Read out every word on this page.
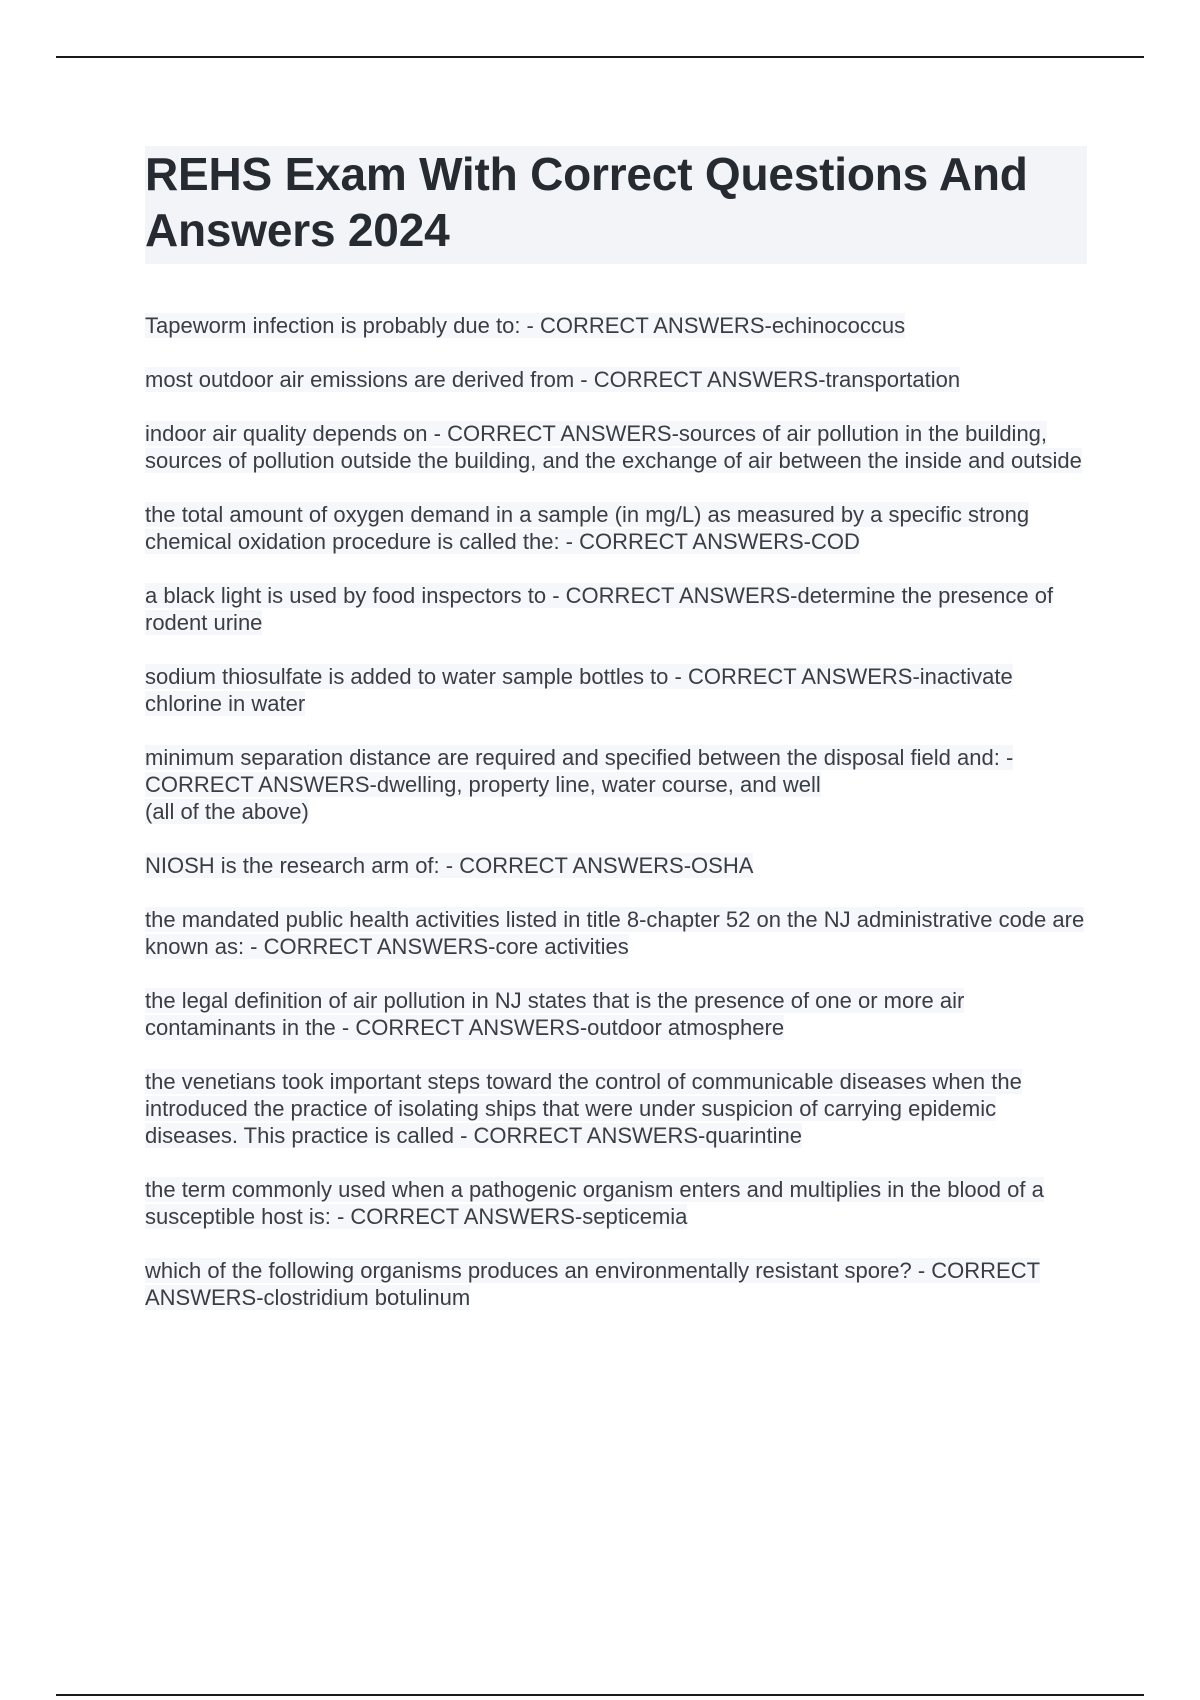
REHS Exam With Correct Questions And Answers 2024

Tapeworm infection is probably due to: - CORRECT ANSWERS-echinococcus

most outdoor air emissions are derived from - CORRECT ANSWERS-transportation

indoor air quality depends on - CORRECT ANSWERS-sources of air pollution in the building, sources of pollution outside the building, and the exchange of air between the inside and outside

the total amount of oxygen demand in a sample (in mg/L) as measured by a specific strong chemical oxidation procedure is called the: - CORRECT ANSWERS-COD

a black light is used by food inspectors to - CORRECT ANSWERS-determine the presence of rodent urine

sodium thiosulfate is added to water sample bottles to - CORRECT ANSWERS-inactivate chlorine in water

minimum separation distance are required and specified between the disposal field and: - CORRECT ANSWERS-dwelling, property line, water course, and well
(all of the above)

NIOSH is the research arm of: - CORRECT ANSWERS-OSHA

the mandated public health activities listed in title 8-chapter 52 on the NJ administrative code are known as: - CORRECT ANSWERS-core activities

the legal definition of air pollution in NJ states that is the presence of one or more air contaminants in the - CORRECT ANSWERS-outdoor atmosphere

the venetians took important steps toward the control of communicable diseases when the introduced the practice of isolating ships that were under suspicion of carrying epidemic diseases. This practice is called - CORRECT ANSWERS-quarintine

the term commonly used when a pathogenic organism enters and multiplies in the blood of a susceptible host is: - CORRECT ANSWERS-septicemia

which of the following organisms produces an environmentally resistant spore? - CORRECT ANSWERS-clostridium botulinum
